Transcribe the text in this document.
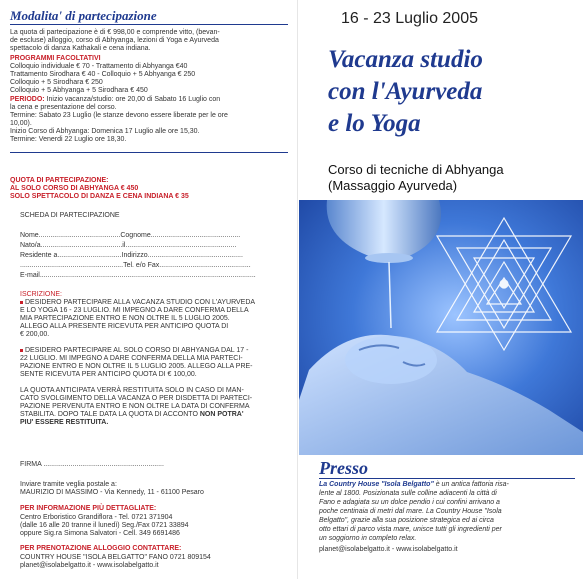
Modalita' di partecipazione
La quota di partecipazione è di € 998,00 e comprende vitto, (bevan-
de escluse) alloggio, corso di Abhyanga, lezioni di Yoga e Ayurveda
spettacolo di danza Kathakali e cena indiana.
PROGRAMMI FACOLTATIVI
Colloquio individuale € 70 - Trattamento di Abhyanga €40
Trattamento Sirodhara € 40 - Colloquio + 5 Abhyanga € 250
Colloquio + 5 Sirodhara € 250
Colloquio + 5 Abhyanga + 5 Sirodhara € 450
PERIODO: Inizio vacanza/studio: ore 20,00 di Sabato 16 Luglio con
la cena e presentazione del corso.
Termine: Sabato 23 Luglio (le stanze devono essere liberate per le ore
10,00).
Inizio Corso di Abhyanga: Domenica 17 Luglio alle ore 15,30.
Termine: Venerdi 22 Luglio ore 18,30.
QUOTA DI PARTECIPAZIONE:
AL SOLO CORSO DI ABHYANGA € 450
SOLO SPETTACOLO DI DANZA E CENA INDIANA € 35
SCHEDA DI PARTECIPAZIONE
Nome..........................................Cognome..............................................
Nato/a..........................................il.........................................................
Residente a.................................Indirizzo.................................................
.....................................................Tel. e/o Fax...............................................
E-mail...............................................................................................................
ISCRIZIONE:
DESIDERO PARTECIPARE ALLA VACANZA STUDIO CON L'AYURVEDA
E LO YOGA 16 - 23 LUGLIO. MI IMPEGNO A DARE CONFERMA DELLA
MIA PARTECIPAZIONE ENTRO E NON OLTRE IL 5 LUGLIO 2005.
ALLEGO ALLA PRESENTE RICEVUTA PER ANTICIPO QUOTA DI
€ 200,00.
DESIDERO PARTECIPARE AL SOLO CORSO DI ABHYANGA DAL 17 -
22 LUGLIO. MI IMPEGNO A DARE CONFERMA DELLA MIA PARTECI-
PAZIONE ENTRO E NON OLTRE IL 5 LUGLIO 2005. ALLEGO ALLA PRE-
SENTE RICEVUTA PER ANTICIPO QUOTA DI € 100,00.
LA QUOTA ANTICIPATA VERRÀ RESTITUITA SOLO IN CASO DI MAN-
CATO SVOLGIMENTO DELLA VACANZA O PER DISDETTA DI PARTECI-
PAZIONE PERVENUTA ENTRO E NON OLTRE LA DATA DI CONFERMA
STABILITA. DOPO TALE DATA LA QUOTA DI ACCONTO NON POTRA'
PIU' ESSERE RESTITUITA.
FIRMA ..............................................................
Inviare tramite veglia postale a:
MAURIZIO DI MASSIMO - Via Kennedy, 11 - 61100 Pesaro
PER INFORMAZIONE PIÙ DETTAGLIATE:
Centro Erboristico Grandiflora - Tel. 0721 371904
(dalle 16 alle 20 tranne il lunedì) Seg./Fax 0721 33894
oppure Sig.ra Simona Salvatori - Cell. 349 6691486
PER PRENOTAZIONE ALLOGGIO CONTATTARE:
COUNTRY HOUSE "ISOLA BELGATTO" FANO 0721 809154
planet@isolabelgatto.it - www.isolabelgatto.it
16 - 23 Luglio 2005
Vacanza studio
con l'Ayurveda
e lo Yoga
Corso di tecniche di Abhyanga
(Massaggio Ayurveda)
Presso
La Country House "Isola Belgatto" è un antica fattoria risa-
lente al 1800. Posizionata sulle colline adiacenti la città di
Fano e adagiata su un dolce pendio i cui confini arrivano a
poche centinaia di metri dal mare. La Country House "Isola
Belgatto", grazie alla sua posizione strategica ed ai circa
otto ettari di parco vista mare, unisce tutti gli ingredienti per
un soggiorno in completo relax.
planet@isolabelgatto.it - www.isolabelgatto.it
